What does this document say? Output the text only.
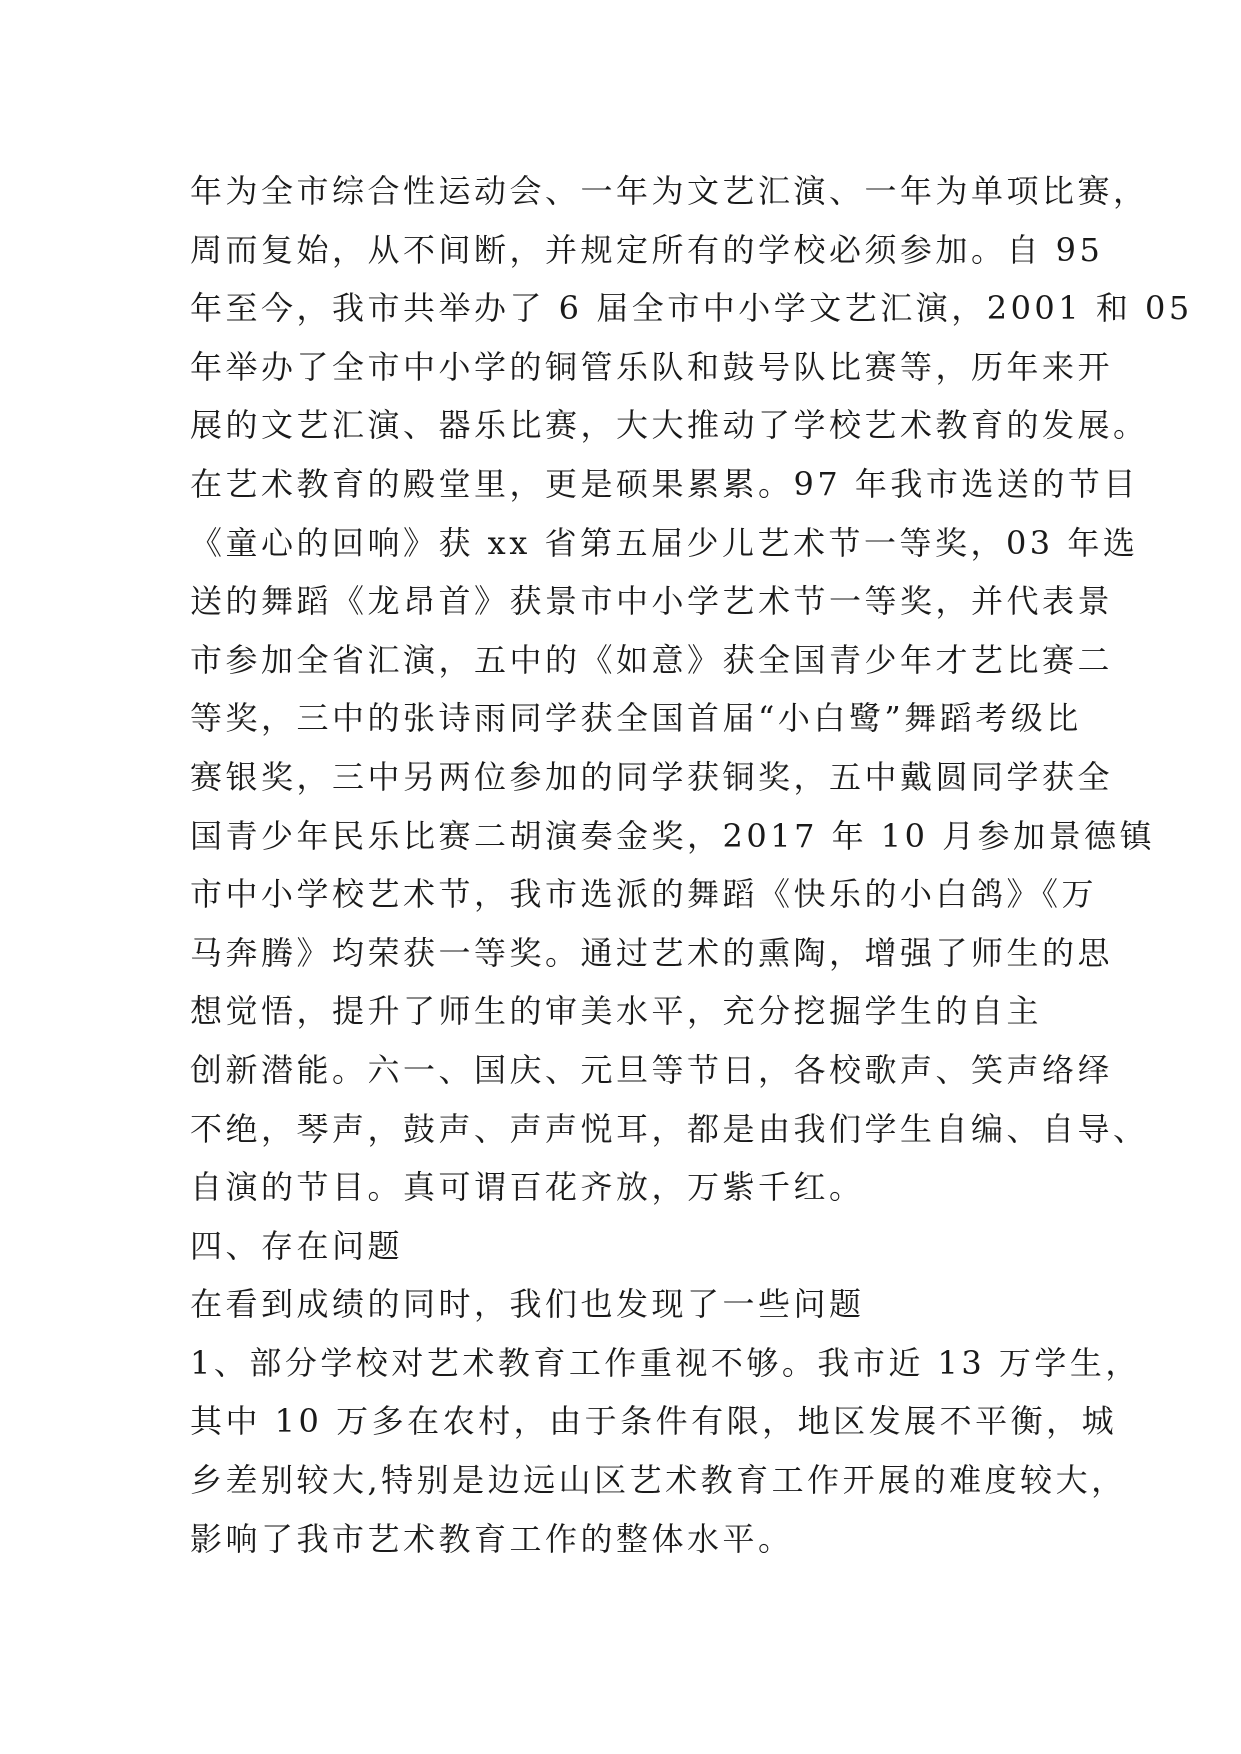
年为全市综合性运动会、一年为文艺汇演、一年为单项比赛，
周而复始，从不间断，并规定所有的学校必须参加。自 95
年至今，我市共举办了 6 届全市中小学文艺汇演，2001 和 05
年举办了全市中小学的铜管乐队和鼓号队比赛等，历年来开
展的文艺汇演、器乐比赛，大大推动了学校艺术教育的发展。
在艺术教育的殿堂里，更是硕果累累。97 年我市选送的节目
《童心的回响》获 xx 省第五届少儿艺术节一等奖，03 年选
送的舞蹈《龙昂首》获景市中小学艺术节一等奖，并代表景
市参加全省汇演，五中的《如意》获全国青少年才艺比赛二
等奖，三中的张诗雨同学获全国首届“小白鹭”舞蹈考级比
赛银奖，三中另两位参加的同学获铜奖，五中戴圆同学获全
国青少年民乐比赛二胡演奏金奖，2017 年 10 月参加景德镇
市中小学校艺术节，我市选派的舞蹈《快乐的小白鸽》《万
马奔腾》均荣获一等奖。通过艺术的熏陶，增强了师生的思
想觉悟，提升了师生的审美水平，充分挖掘学生的自主
创新潜能。六一、国庆、元旦等节日，各校歌声、笑声络绎
不绝，琴声，鼓声、声声悦耳，都是由我们学生自编、自导、
自演的节目。真可谓百花齐放，万紫千红。
四、存在问题
在看到成绩的同时，我们也发现了一些问题
1、部分学校对艺术教育工作重视不够。我市近 13 万学生，
其中 10 万多在农村，由于条件有限，地区发展不平衡，城
乡差别较大,特别是边远山区艺术教育工作开展的难度较大，
影响了我市艺术教育工作的整体水平。
